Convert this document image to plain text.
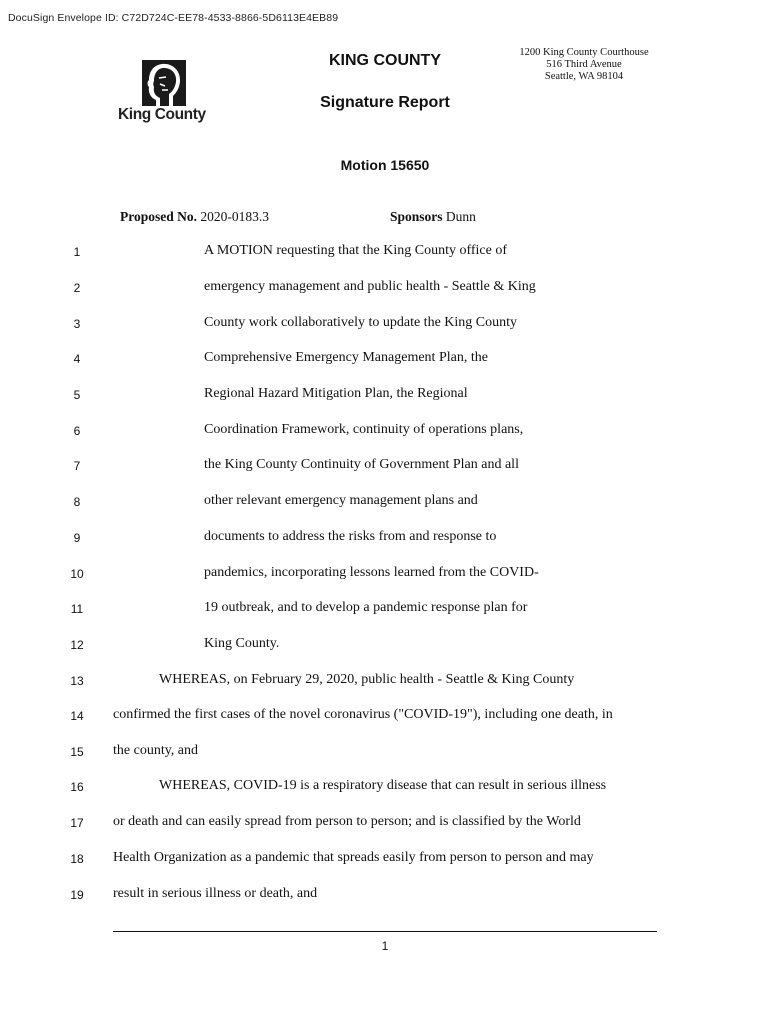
DocuSign Envelope ID: C72D724C-EE78-4533-8866-5D6113E4EB89
King County
KING COUNTY
Signature Report
1200 King County Courthouse
516 Third Avenue
Seattle, WA 98104
Motion 15650
Proposed No. 2020-0183.3	Sponsors Dunn
1	A MOTION requesting that the King County office of
2	emergency management and public health - Seattle & King
3	County work collaboratively to update the King County
4	Comprehensive Emergency Management Plan, the
5	Regional Hazard Mitigation Plan, the Regional
6	Coordination Framework, continuity of operations plans,
7	the King County Continuity of Government Plan and all
8	other relevant emergency management plans and
9	documents to address the risks from and response to
10	pandemics, incorporating lessons learned from the COVID-
11	19 outbreak, and to develop a pandemic response plan for
12	King County.
13	WHEREAS, on February 29, 2020, public health - Seattle & King County
14	confirmed the first cases of the novel coronavirus ("COVID-19"), including one death, in
15	the county, and
16	WHEREAS, COVID-19 is a respiratory disease that can result in serious illness
17	or death and can easily spread from person to person; and is classified by the World
18	Health Organization as a pandemic that spreads easily from person to person and may
19	result in serious illness or death, and
1
